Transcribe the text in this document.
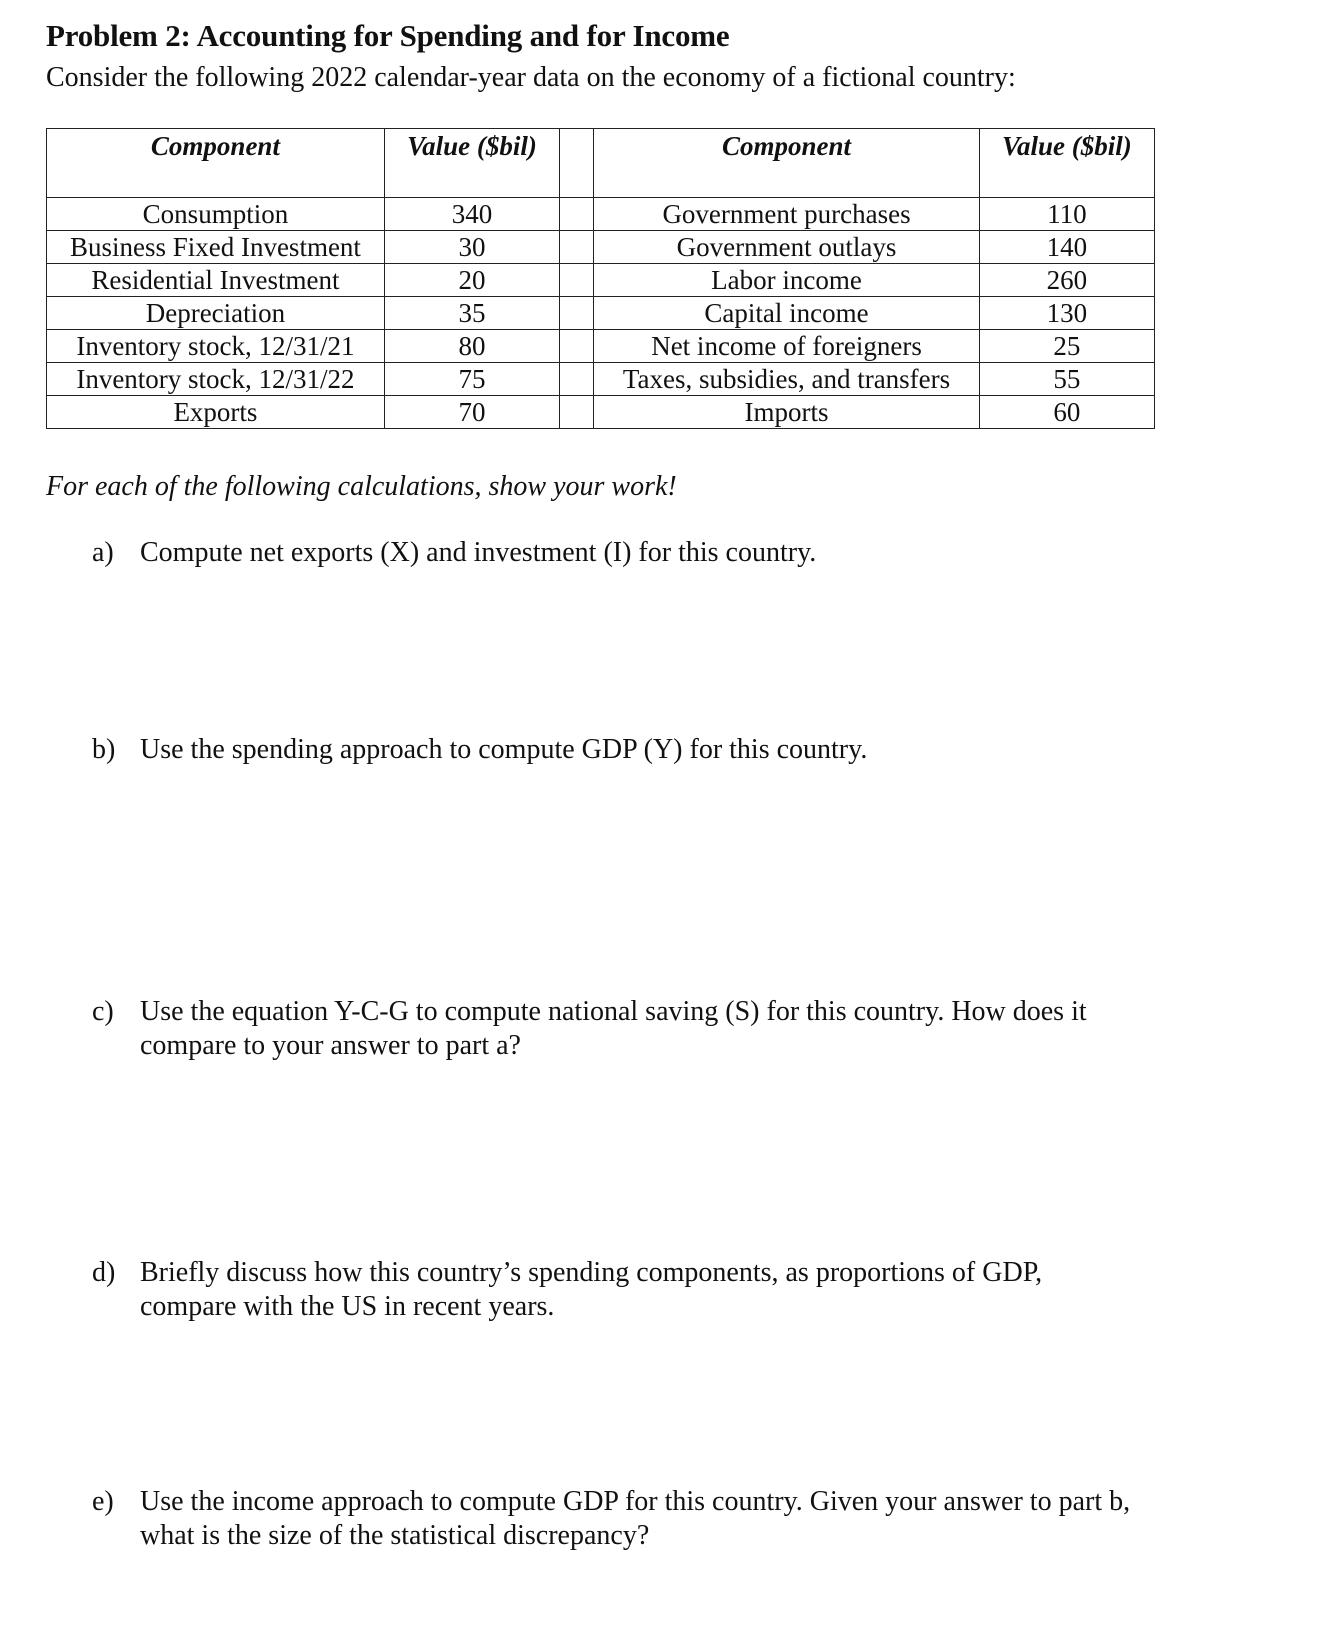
Problem 2: Accounting for Spending and for Income
Consider the following 2022 calendar-year data on the economy of a fictional country:
Component	Value ($bil)		Component	Value ($bil)
Consumption	340		Government purchases	110
Business Fixed Investment	30		Government outlays	140
Residential Investment	20		Labor income	260
Depreciation	35		Capital income	130
Inventory stock, 12/31/21	80		Net income of foreigners	25
Inventory stock, 12/31/22	75		Taxes, subsidies, and transfers	55
Exports	70		Imports	60
For each of the following calculations, show your work!
a) Compute net exports (X) and investment (I) for this country.
b) Use the spending approach to compute GDP (Y) for this country.
c) Use the equation Y-C-G to compute national saving (S) for this country. How does it
compare to your answer to part a?
d) Briefly discuss how this country’s spending components, as proportions of GDP,
compare with the US in recent years.
e) Use the income approach to compute GDP for this country. Given your answer to part b,
what is the size of the statistical discrepancy?
